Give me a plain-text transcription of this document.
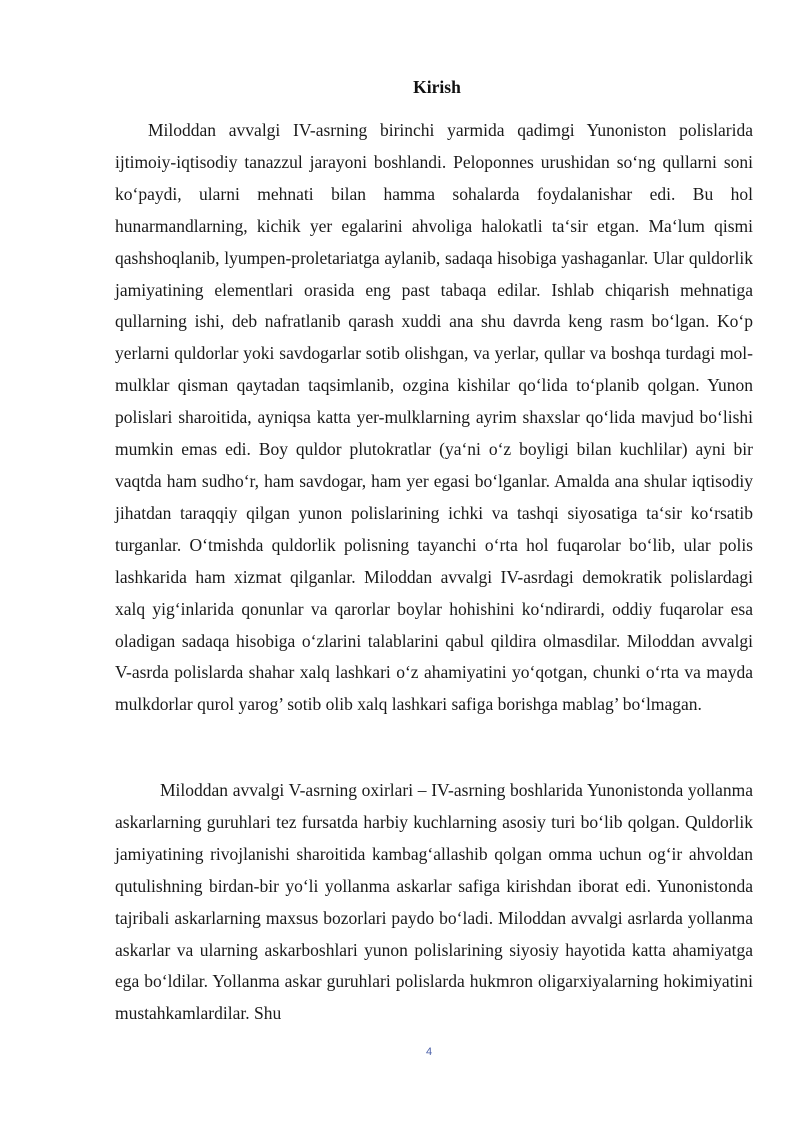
Kirish

Miloddan avvalgi IV-asrning birinchi yarmida qadimgi Yunoniston polislarida ijtimoiy-iqtisodiy tanazzul jarayoni boshlandi. Peloponnes urushidan so‘ng qullarni soni ko‘paydi, ularni mehnati bilan hamma sohalarda foydalanishar edi. Bu hol hunarmandlarning, kichik yer egalarini ahvoliga halokatli ta‘sir etgan. Ma‘lum qismi qashshoqlanib, lyumpen-proletariatga aylanib, sadaqa hisobiga yashaganlar. Ular quldorlik jamiyatining elementlari orasida eng past tabaqa edilar. Ishlab chiqarish mehnatiga qullarning ishi, deb nafratlanib qarash xuddi ana shu davrda keng rasm bo‘lgan. Ko‘p yerlarni quldorlar yoki savdogarlar sotib olishgan, va yerlar, qullar va boshqa turdagi mol-mulklar qisman qaytadan taqsimlanib, ozgina kishilar qo‘lida to‘planib qolgan. Yunon polislari sharoitida, ayniqsa katta yer-mulklarning ayrim shaxslar qo‘lida mavjud bo‘lishi mumkin emas edi. Boy quldor plutokratlar (ya‘ni o‘z boyligi bilan kuchlilar) ayni bir vaqtda ham sudho‘r, ham savdogar, ham yer egasi bo‘lganlar. Amalda ana shular iqtisodiy jihatdan taraqqiy qilgan yunon polislarining ichki va tashqi siyosatiga ta‘sir ko‘rsatib turganlar. O‘tmishda quldorlik polisning tayanchi o‘rta hol fuqarolar bo‘lib, ular polis lashkarida ham xizmat qilganlar. Miloddan avvalgi IV-asrdagi demokratik polislardagi xalq yig‘inlarida qonunlar va qarorlar boylar hohishini ko‘ndirardi, oddiy fuqarolar esa oladigan sadaqa hisobiga o‘zlarini talablarini qabul qildira olmasdilar. Miloddan avvalgi V-asrda polislarda shahar xalq lashkari o‘z ahamiyatini yo‘qotgan, chunki o‘rta va mayda mulkdorlar qurol yarog’ sotib olib xalq lashkari safiga borishga mablag’ bo‘lmagan.

Miloddan avvalgi V-asrning oxirlari – IV-asrning boshlarida Yunonistonda yollanma askarlarning guruhlari tez fursatda harbiy kuchlarning asosiy turi bo‘lib qolgan. Quldorlik jamiyatining rivojlanishi sharoitida kambag‘allashib qolgan omma uchun og‘ir ahvoldan qutulishning birdan-bir yo‘li yollanma askarlar safiga kirishdan iborat edi. Yunonistonda tajribali askarlarning maxsus bozorlari paydo bo‘ladi. Miloddan avvalgi asrlarda yollanma askarlar va ularning askarboshlari yunon polislarining siyosiy hayotida katta ahamiyatga ega bo‘ldilar. Yollanma askar guruhlari polislarda hukmron oligarxiyalarning hokimiyatini mustahkamlardilar. Shu

4
